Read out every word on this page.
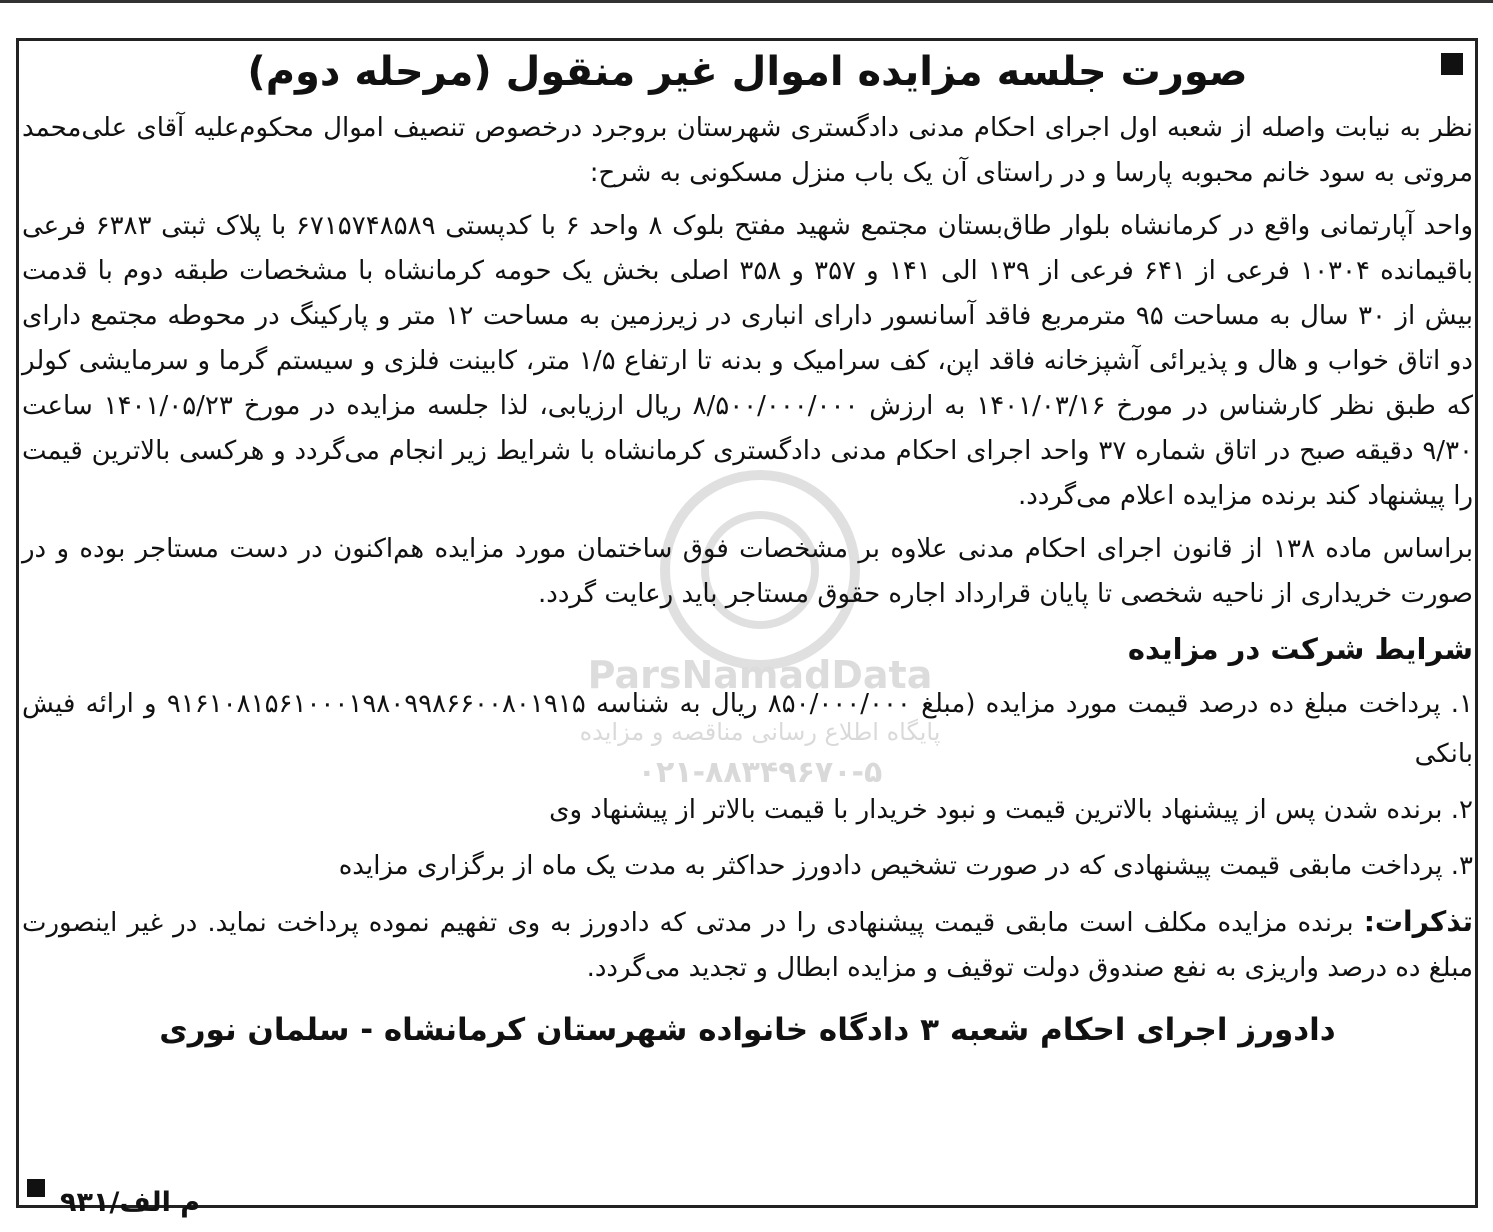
ParsNamadData
پایگاه اطلاع رسانی مناقصه و مزایده
۰۲۱-۸۸۳۴۹۶۷۰-۵
صورت جلسه مزایده اموال غیر منقول (مرحله دوم)

نظر به نیابت واصله از شعبه اول اجرای احکام مدنی دادگستری شهرستان بروجرد درخصوص تنصیف اموال محکوم‌علیه آقای علی‌محمد مروتی به سود خانم محبوبه پارسا و در راستای آن یک باب منزل مسکونی به شرح:

واحد آپارتمانی واقع در کرمانشاه بلوار طاق‌بستان مجتمع شهید مفتح بلوک ۸ واحد ۶ با کدپستی ۶۷۱۵۷۴۸۵۸۹ با پلاک ثبتی ۶۳۸۳ فرعی باقیمانده ۱۰۳۰۴ فرعی از ۶۴۱ فرعی از ۱۳۹ الی ۱۴۱ و ۳۵۷ و ۳۵۸ اصلی بخش یک حومه کرمانشاه با مشخصات طبقه دوم با قدمت بیش از ۳۰ سال به مساحت ۹۵ مترمربع فاقد آسانسور دارای انباری در زیرزمین به مساحت ۱۲ متر و پارکینگ در محوطه مجتمع دارای دو اتاق خواب و هال و پذیرائی آشپزخانه فاقد اپن، کف سرامیک و بدنه تا ارتفاع ۱/۵ متر، کابینت فلزی و سیستم گرما و سرمایشی کولر که طبق نظر کارشناس در مورخ ۱۴۰۱/۰۳/۱۶ به ارزش ۸/۵۰۰/۰۰۰/۰۰۰ ریال ارزیابی، لذا جلسه مزایده در مورخ ۱۴۰۱/۰۵/۲۳ ساعت ۹/۳۰ دقیقه صبح در اتاق شماره ۳۷ واحد اجرای احکام مدنی دادگستری کرمانشاه با شرایط زیر انجام می‌گردد و هرکسی بالاترین قیمت را پیشنهاد کند برنده مزایده اعلام می‌گردد.

براساس ماده ۱۳۸ از قانون اجرای احکام مدنی علاوه بر مشخصات فوق ساختمان مورد مزایده هم‌اکنون در دست مستاجر بوده و در صورت خریداری از ناحیه شخصی تا پایان قرارداد اجاره حقوق مستاجر باید رعایت گردد.

شرایط شرکت در مزایده
۱. پرداخت مبلغ ده درصد قیمت مورد مزایده (مبلغ ۸۵۰/۰۰۰/۰۰۰ ریال به شناسه ۹۱۶۱۰۸۱۵۶۱۰۰۰۱۹۸۰۹۹۸۶۶۰۰۸۰۱۹۱۵ و ارائه فیش بانکی
۲. برنده شدن پس از پیشنهاد بالاترین قیمت و نبود خریدار با قیمت بالاتر از پیشنهاد وی
۳. پرداخت مابقی قیمت پیشنهادی که در صورت تشخیص دادورز حداکثر به مدت یک ماه از برگزاری مزایده

تذکرات: برنده مزایده مکلف است مابقی قیمت پیشنهادی را در مدتی که دادورز به وی تفهیم نموده پرداخت نماید. در غیر اینصورت مبلغ ده درصد واریزی به نفع صندوق دولت توقیف و مزایده ابطال و تجدید می‌گردد.

دادورز اجرای احکام شعبه ۳ دادگاه خانواده شهرستان کرمانشاه - سلمان نوری
م الف/۹۳۱
